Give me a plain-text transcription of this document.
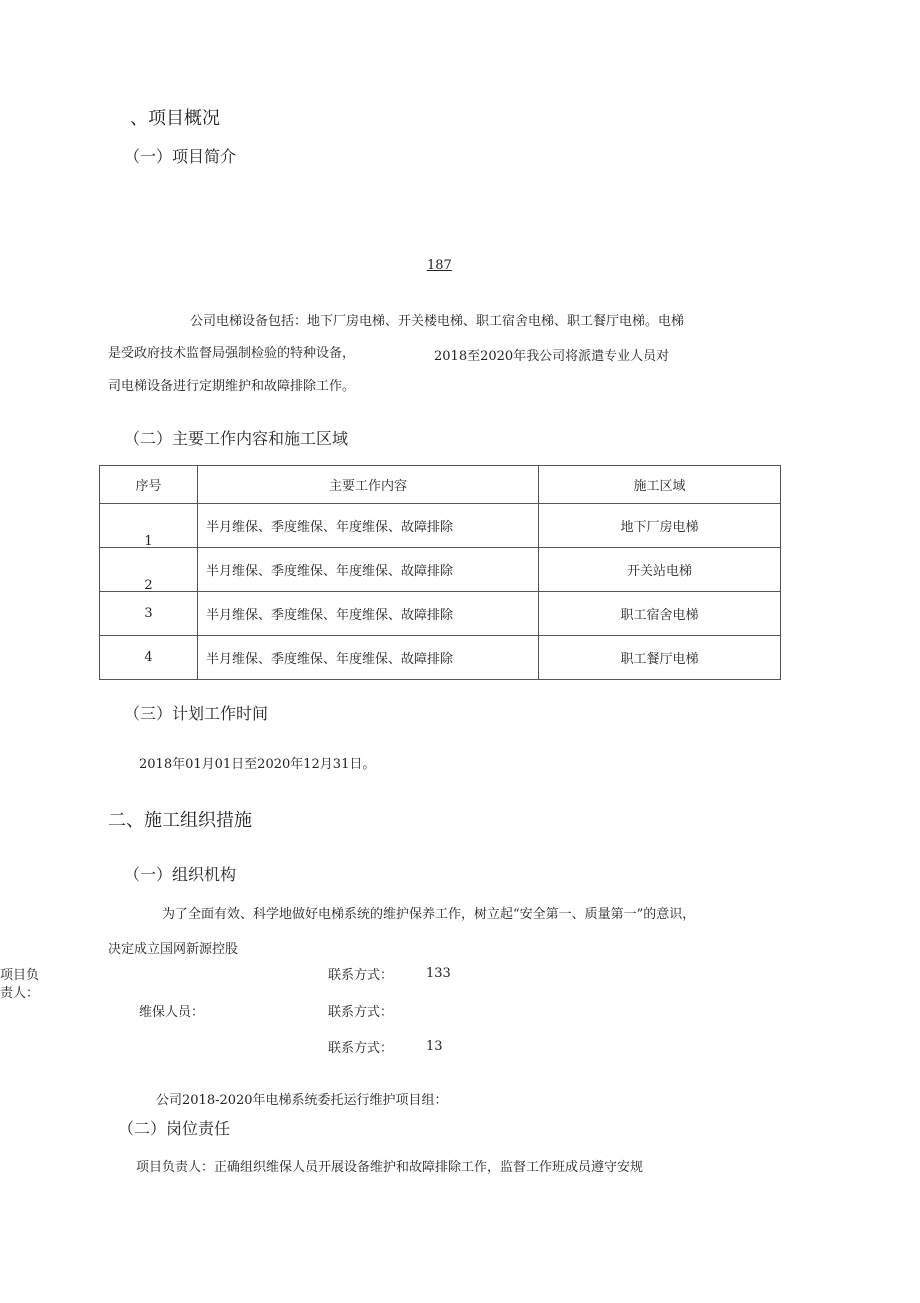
、项目概况
（一）项目简介
187
公司电梯设备包括：地下厂房电梯、开关楼电梯、职工宿舍电梯、职工餐厅电梯。电梯
是受政府技术监督局强制检验的特种设备，	2018至2020年我公司将派遣专业人员对
司电梯设备进行定期维护和故障排除工作。
（二）主要工作内容和施工区域
序号	主要工作内容	施工区域
1	半月维保、季度维保、年度维保、故障排除	地下厂房电梯
2	半月维保、季度维保、年度维保、故障排除	开关站电梯
3	半月维保、季度维保、年度维保、故障排除	职工宿舍电梯
4	半月维保、季度维保、年度维保、故障排除	职工餐厅电梯
（三）计划工作时间
2018年01月01日至2020年12月31日。
二、施工组织措施
（一）组织机构
为了全面有效、科学地做好电梯系统的维护保养工作，树立起“安全第一、质量第一”的意识，
决定成立国网新源控股
项目负
责人：
联系方式：	133
维保人员：	联系方式：
联系方式：	13
公司2018-2020年电梯系统委托运行维护项目组：
（二）岗位责任
项目负责人：正确组织维保人员开展设备维护和故障排除工作，监督工作班成员遵守安规
